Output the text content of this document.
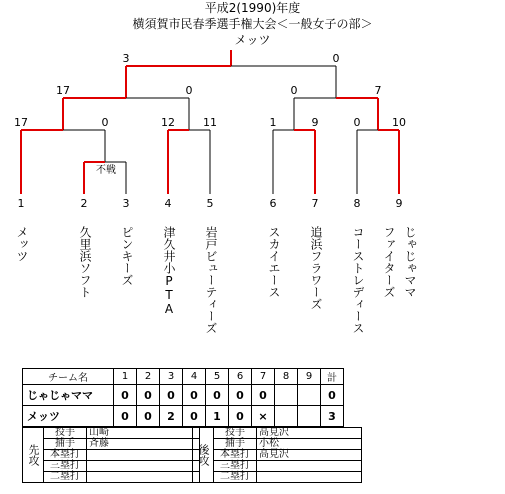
平成2(1990)年度
横須賀市民春季選手権大会＜一般女子の部＞
メッツ
3	0
17	0	0	7
17	0	12	11	1	9	0	10
不戦
1	2	3	4	5	6	7	8	9
メッツ	久里浜ソフト ピンキーズ 津久井小PTA 岩戸ビューティーズ	スカイエース 追浜フラワーズ コーストレディース ファイターズ じゃじゃママ
チーム名	1	2	3	4	5	6	7	8	9	計
じゃじゃママ	0	0	0	0	0	0	0			0
メッツ	0	0	2	0	1	0	×			3
先攻	投手	山崎
	捕手	斉藤
	本塁打	
	三塁打	
	二塁打	
後攻	投手	高見沢
	捕手	小松
	本塁打	高見沢
	三塁打	
	二塁打	
